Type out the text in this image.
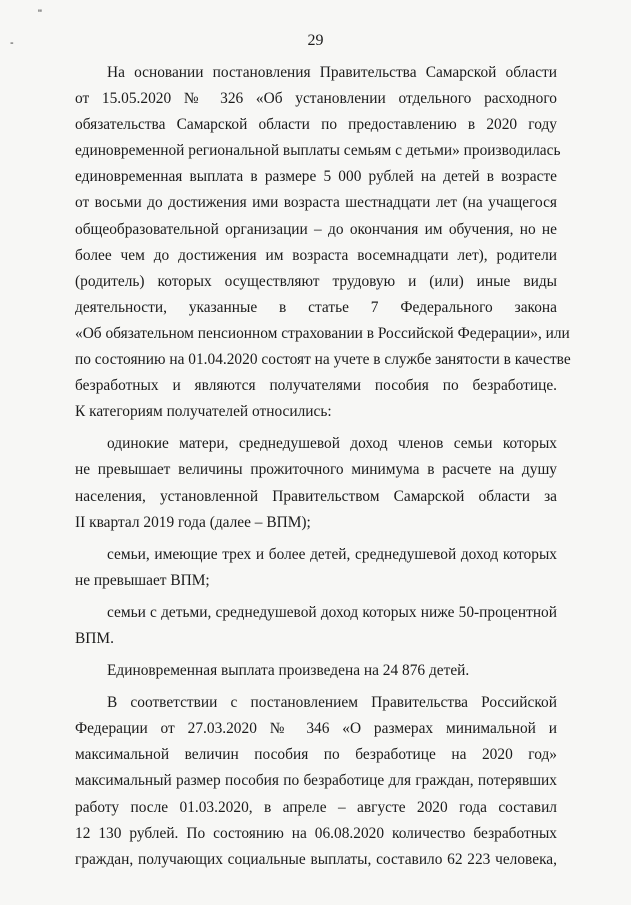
"
-	29
На основании постановления Правительства Самарской области
от 15.05.2020 № 326 «Об установлении отдельного расходного
обязательства Самарской области по предоставлению в 2020 году
единовременной региональной выплаты семьям с детьми» производилась
единовременная выплата в размере 5 000 рублей на детей в возрасте
от восьми до достижения ими возраста шестнадцати лет (на учащегося
общеобразовательной организации – до окончания им обучения, но не
более чем до достижения им возраста восемнадцати лет), родители
(родитель) которых осуществляют трудовую и (или) иные виды
деятельности, указанные в статье 7 Федерального закона
«Об обязательном пенсионном страховании в Российской Федерации», или
по состоянию на 01.04.2020 состоят на учете в службе занятости в качестве
безработных и являются получателями пособия по безработице.
К категориям получателей относились:
одинокие матери, среднедушевой доход членов семьи которых
не превышает величины прожиточного минимума в расчете на душу
населения, установленной Правительством Самарской области за
II квартал 2019 года (далее – ВПМ);
семьи, имеющие трех и более детей, среднедушевой доход которых
не превышает ВПМ;
семьи с детьми, среднедушевой доход которых ниже 50-процентной
ВПМ.
Единовременная выплата произведена на 24 876 детей.
В соответствии с постановлением Правительства Российской
Федерации от 27.03.2020 № 346 «О размерах минимальной и
максимальной величин пособия по безработице на 2020 год»
максимальный размер пособия по безработице для граждан, потерявших
работу после 01.03.2020, в апреле – августе 2020 года составил
12 130 рублей. По состоянию на 06.08.2020 количество безработных
граждан, получающих социальные выплаты, составило 62 223 человека,
